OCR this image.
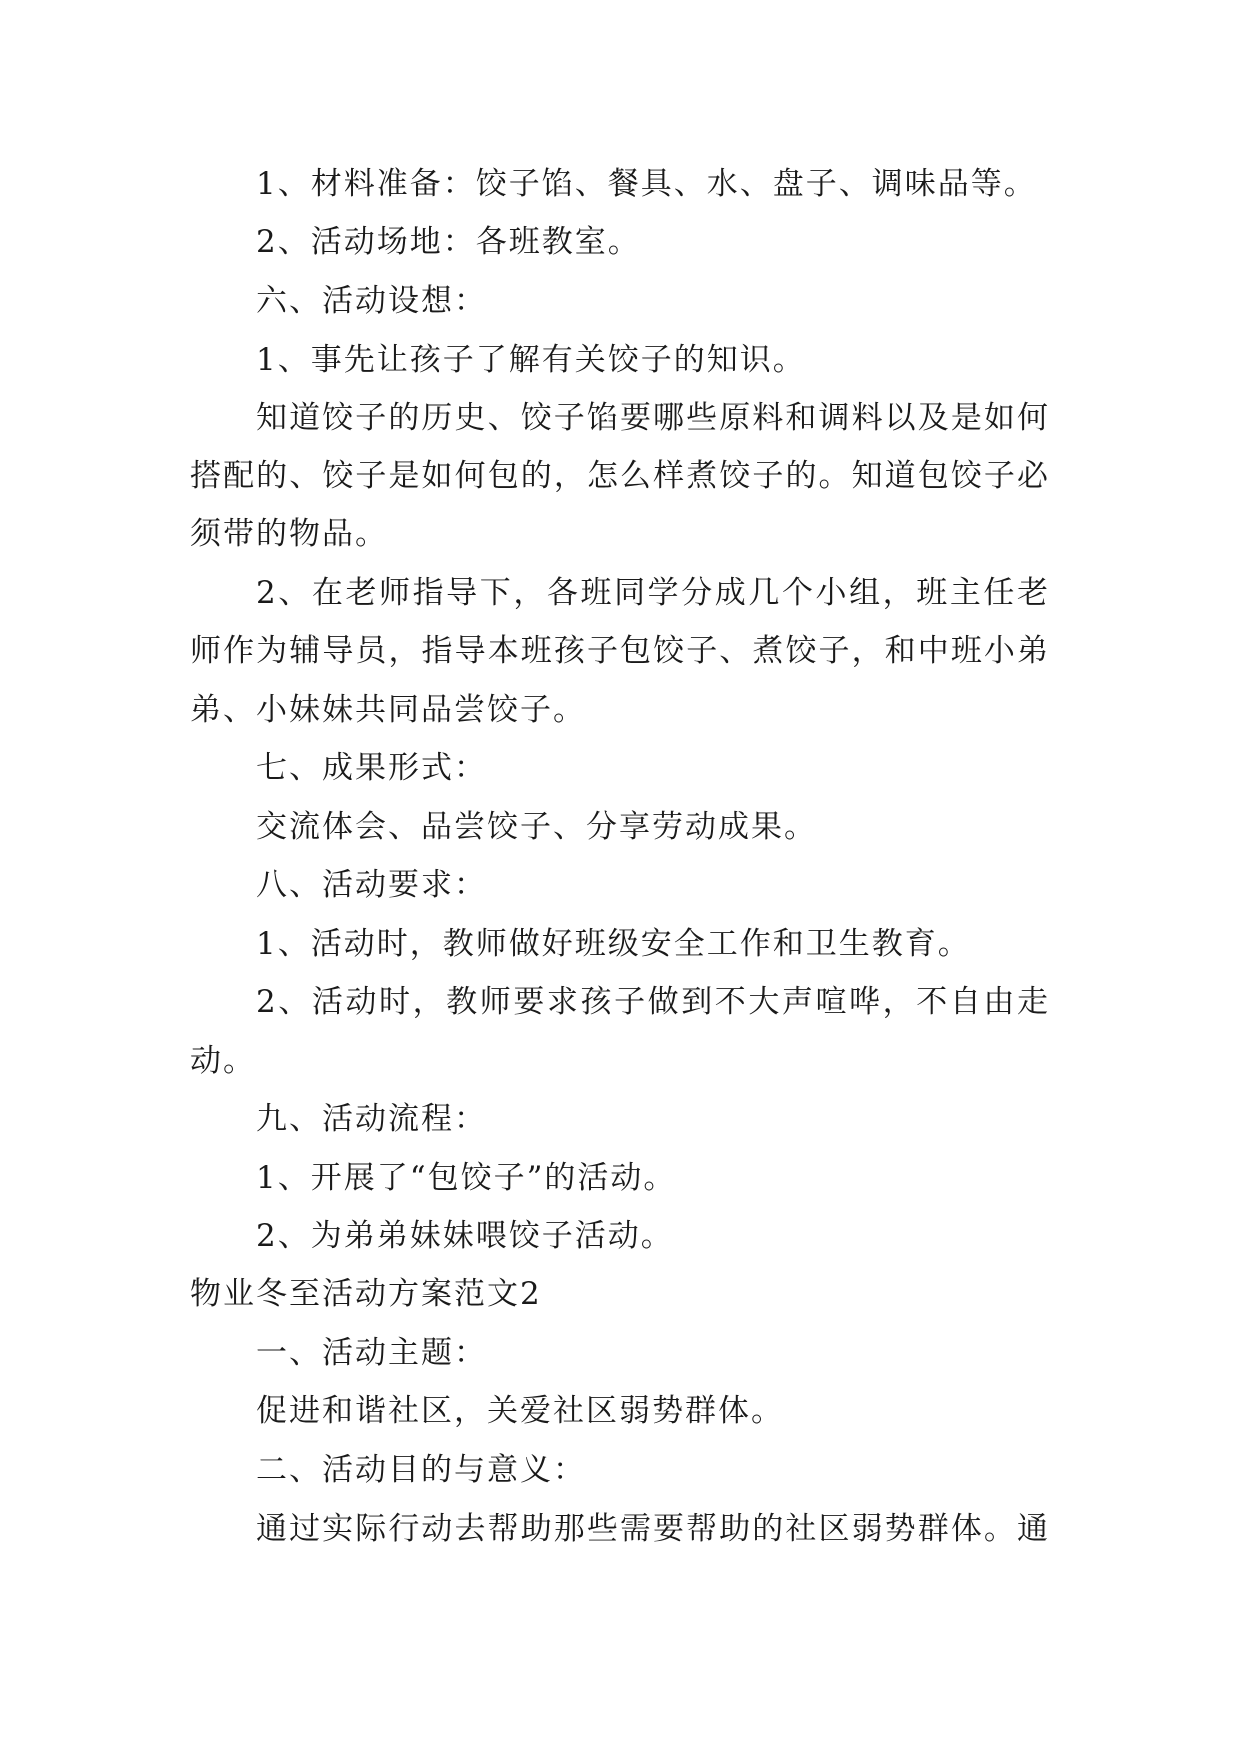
1、材料准备：饺子馅、餐具、水、盘子、调味品等。
2、活动场地：各班教室。
六、活动设想：
1、事先让孩子了解有关饺子的知识。
知道饺子的历史、饺子馅要哪些原料和调料以及是如何
搭配的、饺子是如何包的，怎么样煮饺子的。知道包饺子必
须带的物品。
2、在老师指导下，各班同学分成几个小组，班主任老
师作为辅导员，指导本班孩子包饺子、煮饺子，和中班小弟
弟、小妹妹共同品尝饺子。
七、成果形式：
交流体会、品尝饺子、分享劳动成果。
八、活动要求：
1、活动时，教师做好班级安全工作和卫生教育。
2、活动时，教师要求孩子做到不大声喧哗，不自由走
动。
九、活动流程：
1、开展了“包饺子”的活动。
2、为弟弟妹妹喂饺子活动。
物业冬至活动方案范文2
一、活动主题：
促进和谐社区，关爱社区弱势群体。
二、活动目的与意义：
通过实际行动去帮助那些需要帮助的社区弱势群体。通
